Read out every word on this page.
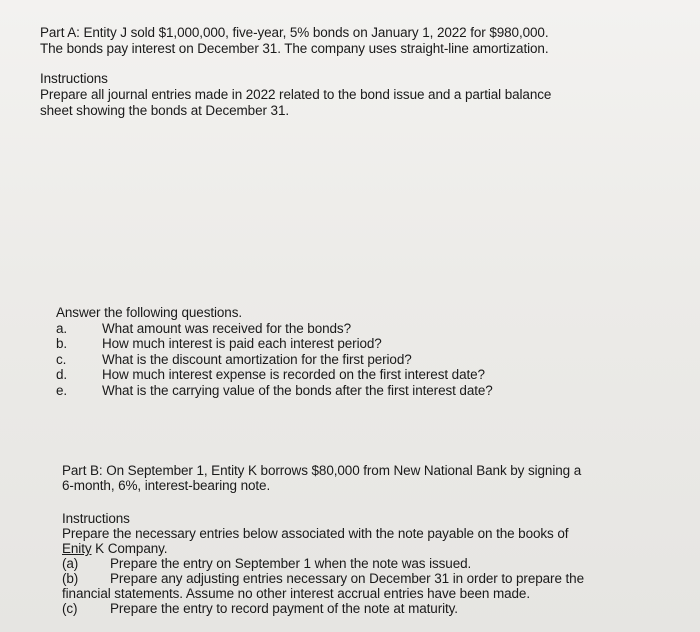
Part A: Entity J sold $1,000,000, five-year, 5% bonds on January 1, 2022 for $980,000.

The bonds pay interest on December 31. The company uses straight-line amortization.

Instructions

Prepare all journal entries made in 2022 related to the bond issue and a partial balance

sheet showing the bonds at December 31.

Answer the following questions.

a.	What amount was received for the bonds?
b.	How much interest is paid each interest period?
c.	What is the discount amortization for the first period?
d.	How much interest expense is recorded on the first interest date?
e.	What is the carrying value of the bonds after the first interest date?

Part B: On September 1, Entity K borrows $80,000 from New National Bank by signing a

6-month, 6%, interest-bearing note.

Instructions

Prepare the necessary entries below associated with the note payable on the books of

Enity K Company.

(a)	Prepare the entry on September 1 when the note was issued.
(b)	Prepare any adjusting entries necessary on December 31 in order to prepare the

financial statements. Assume no other interest accrual entries have been made.

(c)	Prepare the entry to record payment of the note at maturity.
